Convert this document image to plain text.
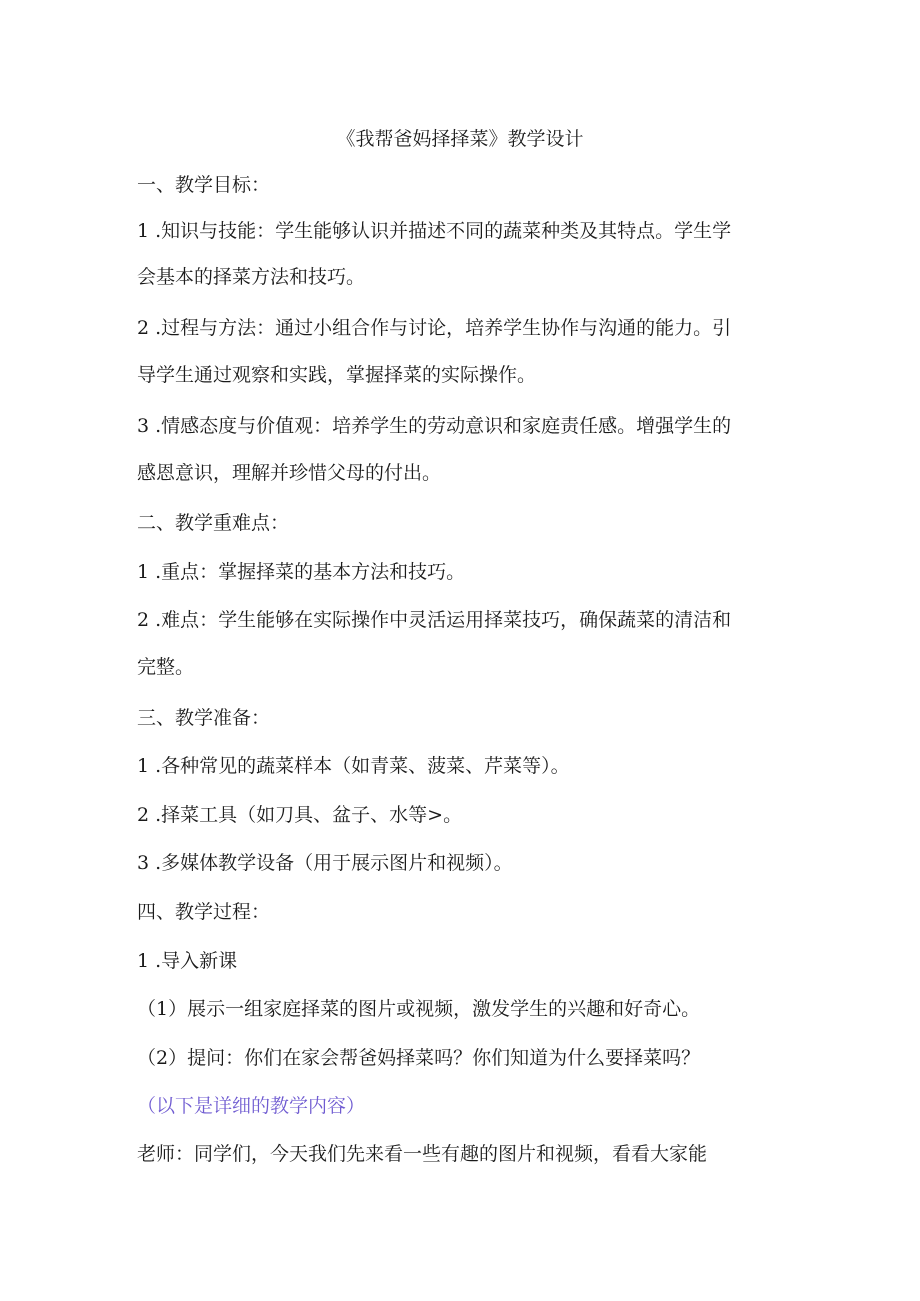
《我帮爸妈择择菜》教学设计
一、教学目标：
1 .知识与技能：学生能够认识并描述不同的蔬菜种类及其特点。学生学
会基本的择菜方法和技巧。
2 .过程与方法：通过小组合作与讨论，培养学生协作与沟通的能力。引
导学生通过观察和实践，掌握择菜的实际操作。
3 .情感态度与价值观：培养学生的劳动意识和家庭责任感。增强学生的
感恩意识，理解并珍惜父母的付出。
二、教学重难点：
1 .重点：掌握择菜的基本方法和技巧。
2 .难点：学生能够在实际操作中灵活运用择菜技巧，确保蔬菜的清洁和
完整。
三、教学准备：
1 .各种常见的蔬菜样本（如青菜、菠菜、芹菜等）。
2 .择菜工具（如刀具、盆子、水等>。
3 .多媒体教学设备（用于展示图片和视频）。
四、教学过程：
1 .导入新课
（1）展示一组家庭择菜的图片或视频，激发学生的兴趣和好奇心。
（2）提问：你们在家会帮爸妈择菜吗？你们知道为什么要择菜吗？
（以下是详细的教学内容）
老师：同学们，今天我们先来看一些有趣的图片和视频，看看大家能
